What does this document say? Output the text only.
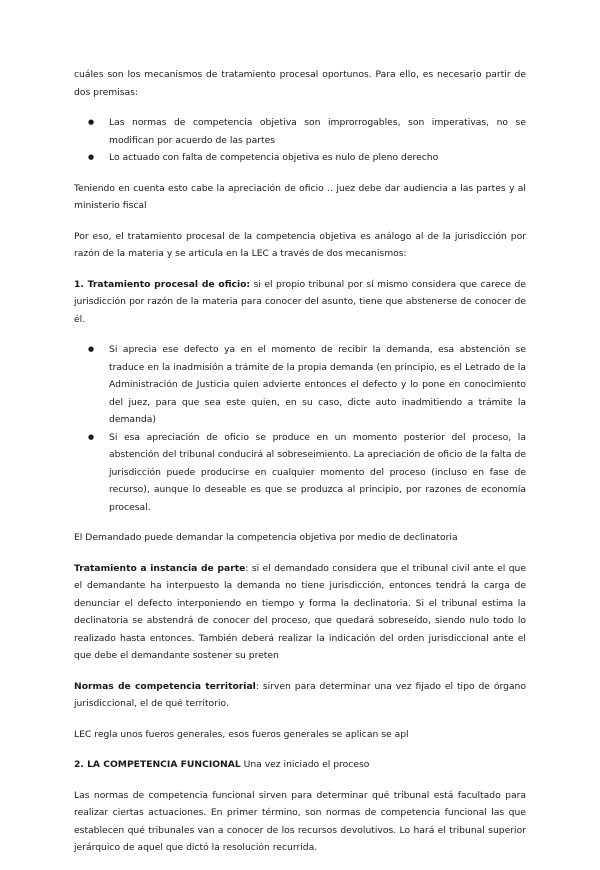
cuáles son los mecanismos de tratamiento procesal oportunos. Para ello, es necesario partir de dos premisas:

● Las normas de competencia objetiva son improrrogables, son imperativas, no se modifican por acuerdo de las partes
● Lo actuado con falta de competencia objetiva es nulo de pleno derecho

Teniendo en cuenta esto cabe la apreciación de oficio .. juez debe dar audiencia a las partes y al ministerio fiscal

Por eso, el tratamiento procesal de la competencia objetiva es análogo al de la jurisdicción por razón de la materia y se articula en la LEC a través de dos mecanismos:

1. Tratamiento procesal de oficio: si el propio tribunal por sí mismo considera que carece de jurisdicción por razón de la materia para conocer del asunto, tiene que abstenerse de conocer de él.

● Si aprecia ese defecto ya en el momento de recibir la demanda, esa abstención se traduce en la inadmisión a trámite de la propia demanda (en principio, es el Letrado de la Administración de Justicia quien advierte entonces el defecto y lo pone en conocimiento del juez, para que sea este quien, en su caso, dicte auto inadmitiendo a trámite la demanda)
● Si esa apreciación de oficio se produce en un momento posterior del proceso, la abstención del tribunal conducirá al sobreseimiento. La apreciación de oficio de la falta de jurisdicción puede producirse en cualquier momento del proceso (incluso en fase de recurso), aunque lo deseable es que se produzca al principio, por razones de economía procesal.

El Demandado puede demandar la competencia objetiva por medio de declinatoria

Tratamiento a instancia de parte: si el demandado considera que el tribunal civil ante el que el demandante ha interpuesto la demanda no tiene jurisdicción, entonces tendrá la carga de denunciar el defecto interponiendo en tiempo y forma la declinatoria. Si el tribunal estima la declinatoria se abstendrá de conocer del proceso, que quedará sobreseído, siendo nulo todo lo realizado hasta entonces. También deberá realizar la indicación del orden jurisdiccional ante el que debe el demandante sostener su preten

Normas de competencia territorial: sirven para determinar una vez fijado el tipo de órgano jurisdiccional, el de qué territorio.

LEC regla unos fueros generales, esos fueros generales se aplican se apl

2. LA COMPETENCIA FUNCIONAL Una vez iniciado el proceso

Las normas de competencia funcional sirven para determinar qué tribunal está facultado para realizar ciertas actuaciones. En primer término, son normas de competencia funcional las que establecen qué tribunales van a conocer de los recursos devolutivos. Lo hará el tribunal superior jerárquico de aquel que dictó la resolución recurrida.
